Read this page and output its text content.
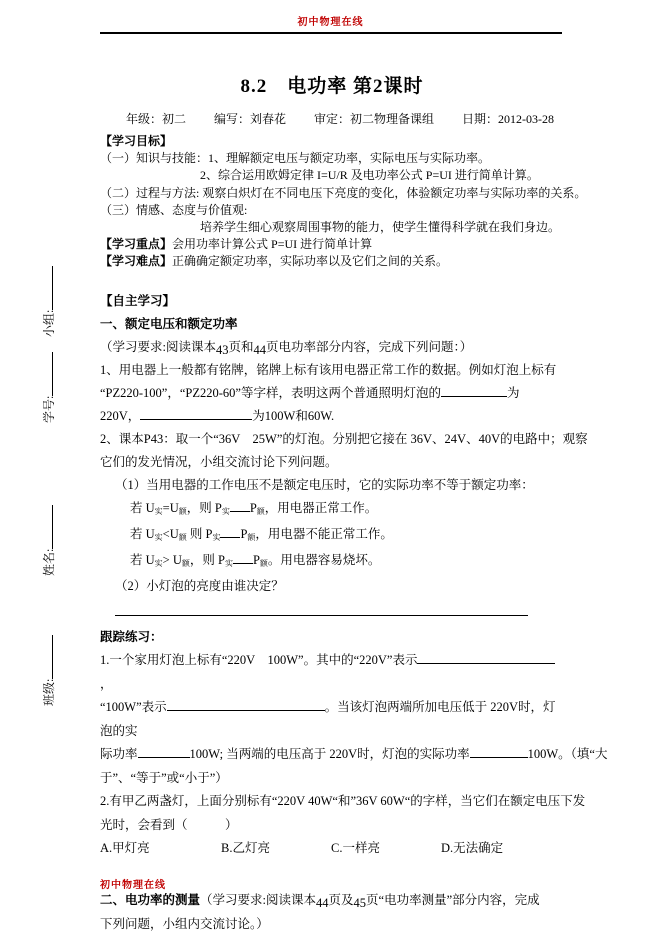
初中物理在线
小组:
学号:
姓名:
班级:
8.2　电功率 第2课时
年级：初二 编写：刘春花 审定：初二物理备课组 日期：2012-03-28
【学习目标】
（一）知识与技能：1、理解额定电压与额定功率，实际电压与实际功率。
2、综合运用欧姆定律 I=U/R 及电功率公式 P=UI 进行简单计算。
（二）过程与方法: 观察白炽灯在不同电压下亮度的变化，体验额定功率与实际功率的关系。
（三）情感、态度与价值观:
培养学生细心观察周围事物的能力，使学生懂得科学就在我们身边。
【学习重点】会用功率计算公式 P=UI 进行简单计算
【学习难点】正确确定额定功率，实际功率以及它们之间的关系。
【自主学习】
一、额定电压和额定功率
（学习要求:阅读课本43页和44页电功率部分内容，完成下列问题：）
1、用电器上一般都有铭牌，铭牌上标有该用电器正常工作的数据。例如灯泡上标有
“PZ220-100”，“PZ220-60”等字样，表明这两个普通照明灯泡的	为
220V，	为100W和60W.
2、课本P43：取一个“36V　25W”的灯泡。分别把它接在 36V、24V、40V的电路中；观察
它们的发光情况，小组交流讨论下列问题。
（1）当用电器的工作电压不是额定电压时，它的实际功率不等于额定功率：
若 $U_实=U_额$，则 $P_实$ $P_额$，用电器正常工作。
若 $U_实<U_额$ 则 $P_实$ $P_额$，用电器不能正常工作。
若 $U_实> U_额$，则 $P_实$ $P_额$。用电器容易烧坏。
（2）小灯泡的亮度由谁决定？
跟踪练习：
1.一个家用灯泡上标有“220V　100W”。其中的“220V”表示，
“100W”表示	。当该灯泡两端所加电压低于 220V时，灯泡的实
际功率	100W; 当两端的电压高于 220V时，灯泡的实际功率	100W。（填“大
于”、“等于”或“小于”）
2.有甲乙两盏灯，上面分别标有“220V 40W“和”36V 60W“的字样，当它们在额定电压下发
光时，会看到（　　　）
A.甲灯亮	B.乙灯亮	C.一样亮	D.无法确定
二、电功率的测量（学习要求:阅读课本44页及45页“电功率测量”部分内容，完成
下列问题，小组内交流讨论。）
初中物理在线
